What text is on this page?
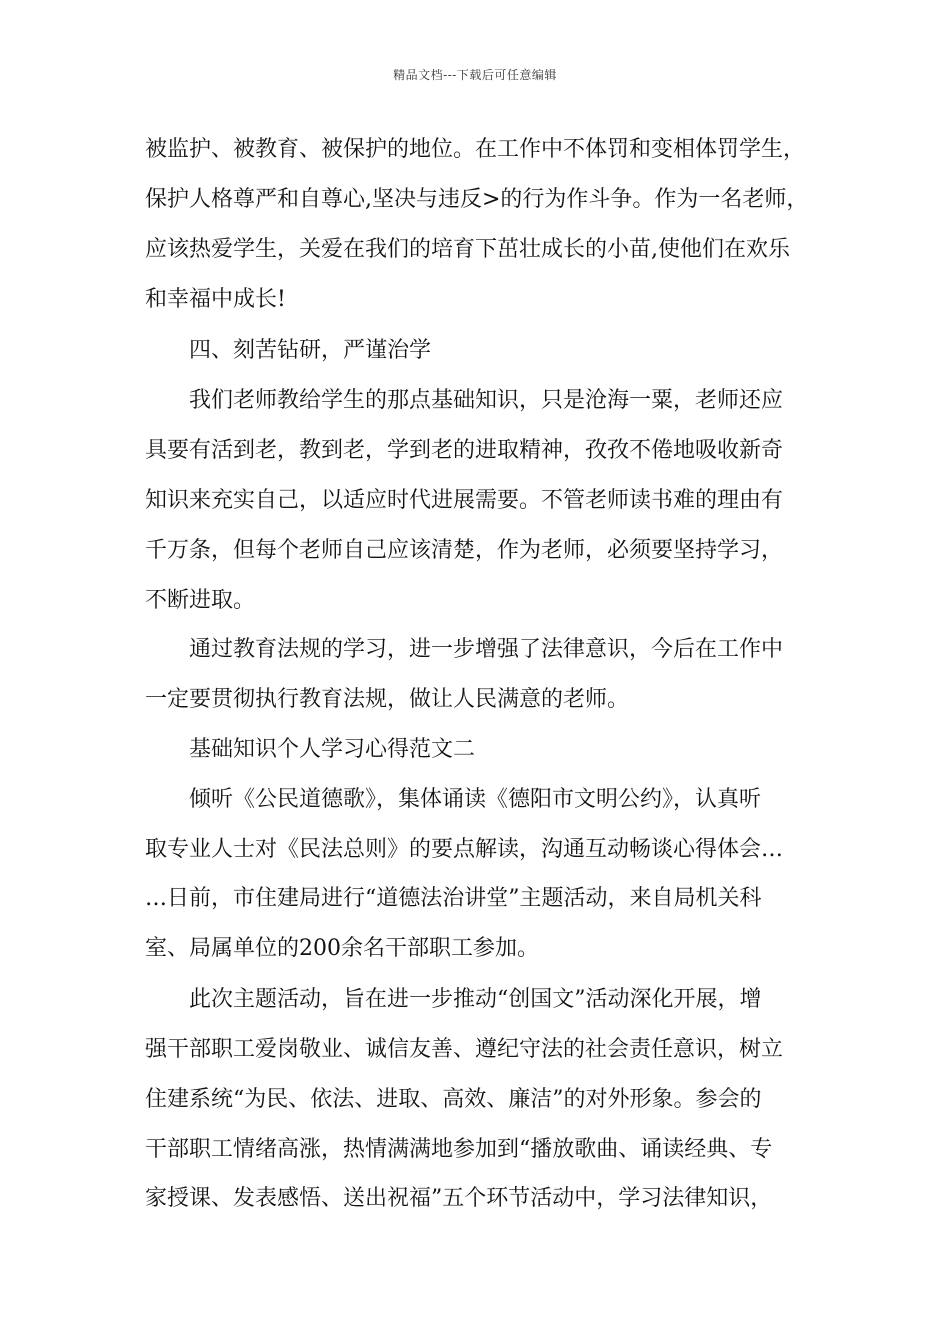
精品文档---下载后可任意编辑
被监护、被教育、被保护的地位。在工作中不体罚和变相体罚学生，
保护人格尊严和自尊心,坚决与违反>的行为作斗争。作为一名老师，
应该热爱学生，关爱在我们的培育下茁壮成长的小苗,使他们在欢乐
和幸福中成长!
四、刻苦钻研，严谨治学
我们老师教给学生的那点基础知识，只是沧海一粟，老师还应
具要有活到老，教到老，学到老的进取精神，孜孜不倦地吸收新奇
知识来充实自己，以适应时代进展需要。不管老师读书难的理由有
千万条，但每个老师自己应该清楚，作为老师，必须要坚持学习，
不断进取。
通过教育法规的学习，进一步增强了法律意识，今后在工作中
一定要贯彻执行教育法规，做让人民满意的老师。
基础知识个人学习心得范文二
倾听《公民道德歌》，集体诵读《德阳市文明公约》，认真听
取专业人士对《民法总则》的要点解读，沟通互动畅谈心得体会…
…日前，市住建局进行“道德法治讲堂”主题活动，来自局机关科
室、局属单位的200余名干部职工参加。
此次主题活动，旨在进一步推动“创国文”活动深化开展，增
强干部职工爱岗敬业、诚信友善、遵纪守法的社会责任意识，树立
住建系统“为民、依法、进取、高效、廉洁”的对外形象。参会的
干部职工情绪高涨，热情满满地参加到“播放歌曲、诵读经典、专
家授课、发表感悟、送出祝福”五个环节活动中，学习法律知识，
